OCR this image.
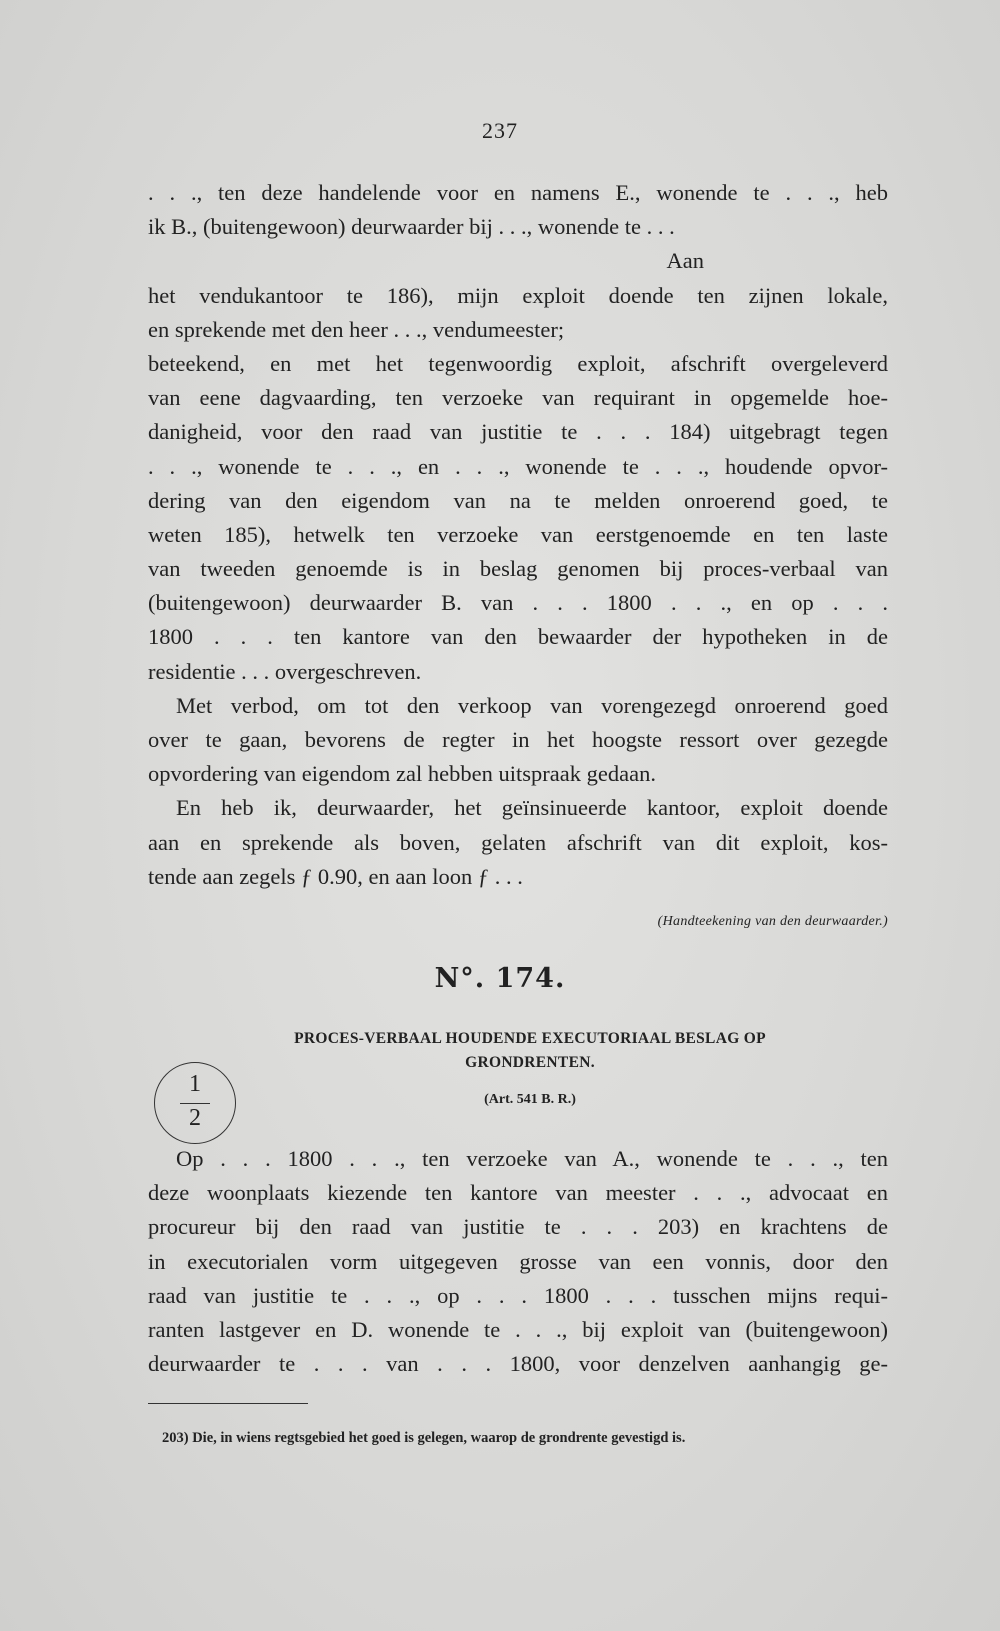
237
. . ., ten deze handelende voor en namens E., wonende te . . ., heb
ik B., (buitengewoon) deurwaarder bij . . ., wonende te . . .
Aan
het vendukantoor te 186), mijn exploit doende ten zijnen lokale,
en sprekende met den heer . . ., vendumeester;
beteekend, en met het tegenwoordig exploit, afschrift overgeleverd
van eene dagvaarding, ten verzoeke van requirant in opgemelde hoe-
danigheid, voor den raad van justitie te . . . 184) uitgebragt tegen
. . ., wonende te . . ., en . . ., wonende te . . ., houdende opvor-
dering van den eigendom van na te melden onroerend goed, te
weten 185), hetwelk ten verzoeke van eerstgenoemde en ten laste
van tweeden genoemde is in beslag genomen bij proces-verbaal van
(buitengewoon) deurwaarder B. van . . . 1800 . . ., en op . . .
1800 . . . ten kantore van den bewaarder der hypotheken in de
residentie . . . overgeschreven.
Met verbod, om tot den verkoop van vorengezegd onroerend goed
over te gaan, bevorens de regter in het hoogste ressort over gezegde
opvordering van eigendom zal hebben uitspraak gedaan.
En heb ik, deurwaarder, het geïnsinueerde kantoor, exploit doende
aan en sprekende als boven, gelaten afschrift van dit exploit, kos-
tende aan zegels ƒ 0.90, en aan loon ƒ . . .
(Handteekening van den deurwaarder.)
N°. 174.
PROCES-VERBAAL HOUDENDE EXECUTORIAAL BESLAG OP
GRONDRENTEN.
(Art. 541 B. R.)
1
2
Op . . . 1800 . . ., ten verzoeke van A., wonende te . . ., ten
deze woonplaats kiezende ten kantore van meester . . ., advocaat en
procureur bij den raad van justitie te . . . 203) en krachtens de
in executorialen vorm uitgegeven grosse van een vonnis, door den
raad van justitie te . . ., op . . . 1800 . . . tusschen mijns requi-
ranten lastgever en D. wonende te . . ., bij exploit van (buitengewoon)
deurwaarder te . . . van . . . 1800, voor denzelven aanhangig ge-
203) Die, in wiens regtsgebied het goed is gelegen, waarop de grondrente gevestigd is.
